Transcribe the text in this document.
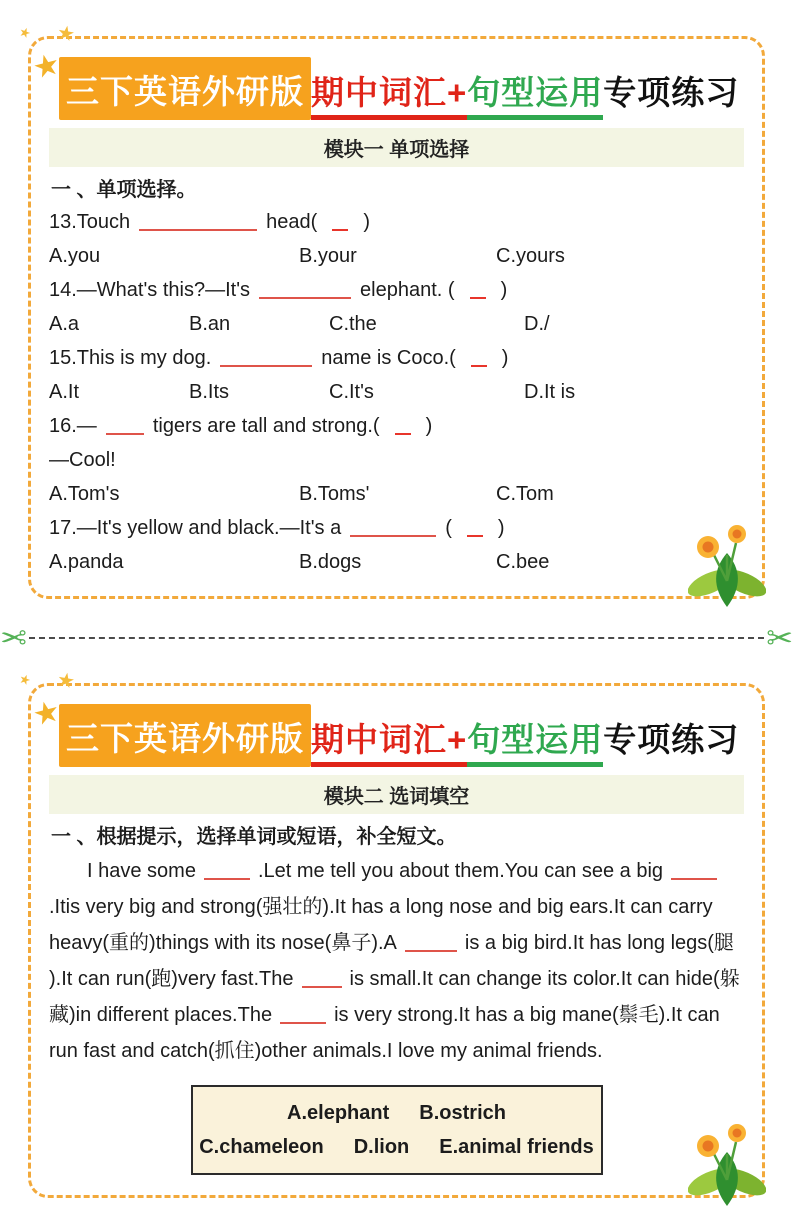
★
★
★
三下英语外研版 期中词汇+ 句型运用 专项练习
模块一 单项选择
一 、单项选择。
13.Touch	head( )
A.you	B.your	C.yours
14.—What's this?—It's	elephant. ( )
A.a	B.an	C.the	D./
15.This is my dog.	name is Coco.( )
A.It	B.Its	C.It's	D.It is
16.—	tigers are tall and strong.( )
—Cool!
A.Tom's	B.Toms'	C.Tom
17.—It's yellow and black.—It's a	( )
A.panda	B.dogs	C.bee
✂	✂
★
★
★
三下英语外研版 期中词汇+ 句型运用 专项练习
模块二 选词填空
一 、根据提示，选择单词或短语，补全短文。
I have some	.Let me tell you about them.You can see a big
.Itis very big and strong(强壮的).It has a long nose and big ears.It can carry
heavy(重的)things with its nose(鼻子).A	is a big bird.It has long legs(腿
).It can run(跑)very fast.The	is small.It can change its color.It can hide(躲
藏)in different places.The	is very strong.It has a big mane(鬃毛).It can
run fast and catch(抓住)other animals.I love my animal friends.
A.elephant B.ostrich
C.chameleon D.lion E.animal friends
